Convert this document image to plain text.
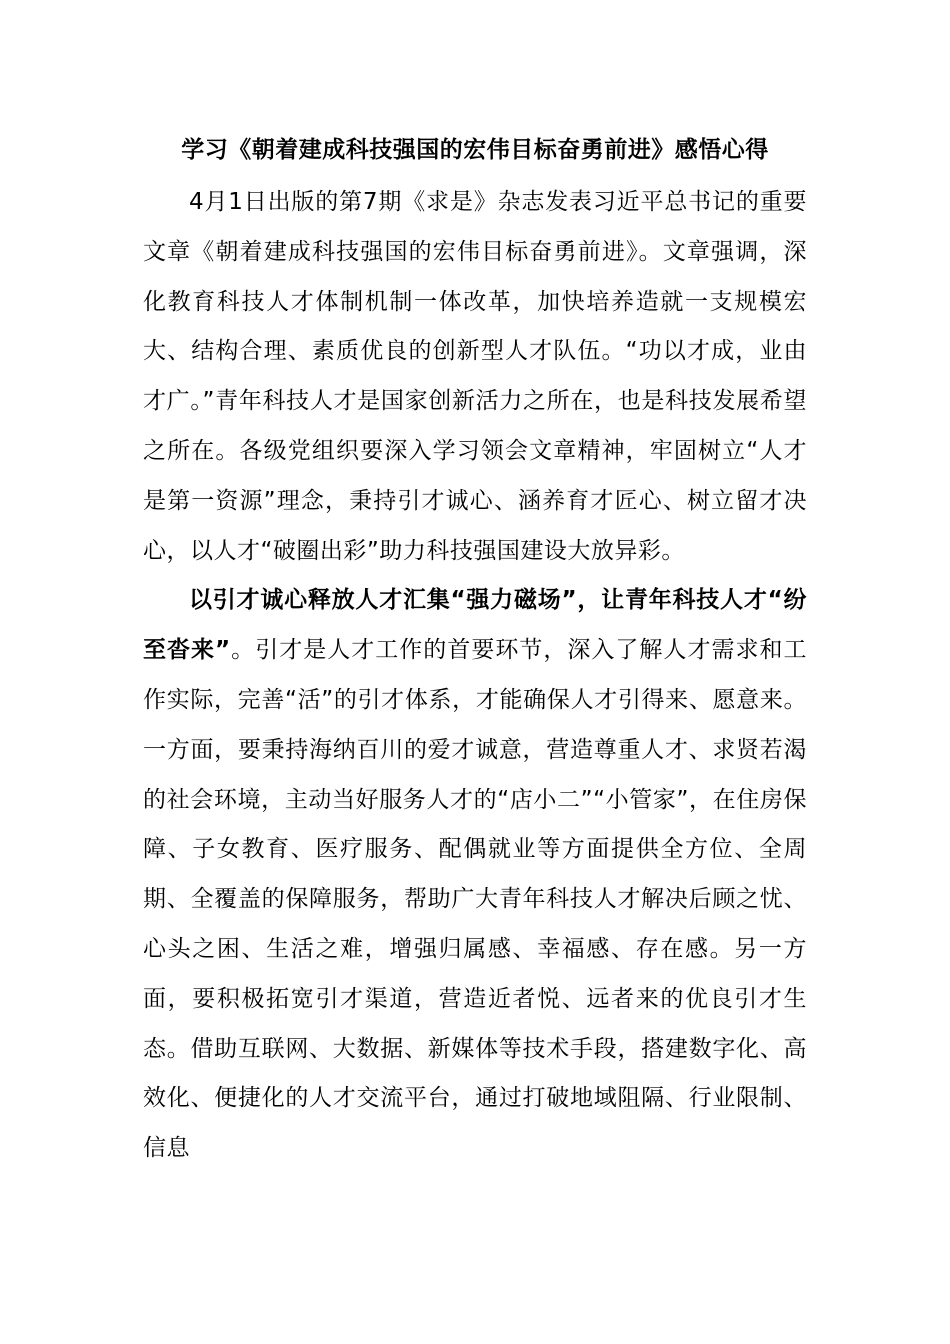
学习《朝着建成科技强国的宏伟目标奋勇前进》感悟心得

4月1日出版的第7期《求是》杂志发表习近平总书记的重要文章《朝着建成科技强国的宏伟目标奋勇前进》。文章强调，深化教育科技人才体制机制一体改革，加快培养造就一支规模宏大、结构合理、素质优良的创新型人才队伍。“功以才成，业由才广。”青年科技人才是国家创新活力之所在，也是科技发展希望之所在。各级党组织要深入学习领会文章精神，牢固树立“人才是第一资源”理念，秉持引才诚心、涵养育才匠心、树立留才决心，以人才“破圈出彩”助力科技强国建设大放异彩。

以引才诚心释放人才汇集“强力磁场”，让青年科技人才“纷至沓来”。引才是人才工作的首要环节，深入了解人才需求和工作实际，完善“活”的引才体系，才能确保人才引得来、愿意来。一方面，要秉持海纳百川的爱才诚意，营造尊重人才、求贤若渴的社会环境，主动当好服务人才的“店小二”“小管家”，在住房保障、子女教育、医疗服务、配偶就业等方面提供全方位、全周期、全覆盖的保障服务，帮助广大青年科技人才解决后顾之忧、心头之困、生活之难，增强归属感、幸福感、存在感。另一方面，要积极拓宽引才渠道，营造近者悦、远者来的优良引才生态。借助互联网、大数据、新媒体等技术手段，搭建数字化、高效化、便捷化的人才交流平台，通过打破地域阻隔、行业限制、信息
